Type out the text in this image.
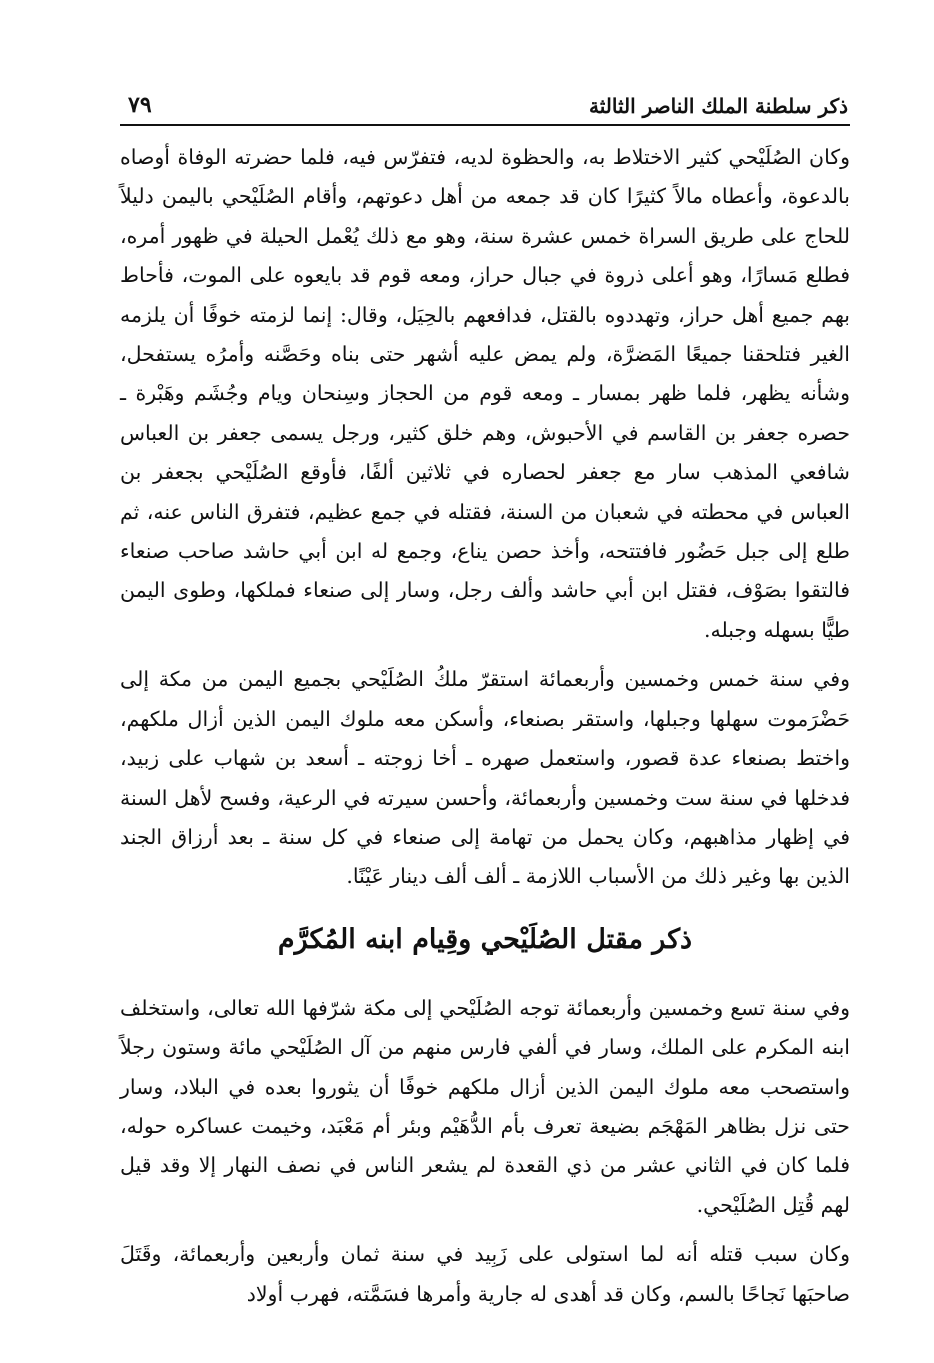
ذكر سلطنة الملك الناصر الثالثة
٧٩

وكان الصُلَيْحي كثير الاختلاط به، والحظوة لديه، فتفرّس فيه، فلما حضرته الوفاة أوصاه بالدعوة، وأعطاه مالاً كثيرًا كان قد جمعه من أهل دعوتهم، وأقام الصُلَيْحي باليمن دليلاً للحاج على طريق السراة خمس عشرة سنة، وهو مع ذلك يُعْمل الحيلة في ظهور أمره، فطلع مَسارًا، وهو أعلى ذروة في جبال حراز، ومعه قوم قد بايعوه على الموت، فأحاط بهم جميع أهل حراز، وتهددوه بالقتل، فدافعهم بالحِيَل، وقال: إنما لزمته خوفًا أن يلزمه الغير فتلحقنا جميعًا المَضرَّة، ولم يمض عليه أشهر حتى بناه وحَصَّنه وأمرُه يستفحل، وشأنه يظهر، فلما ظهر بمسار ـ ومعه قوم من الحجاز وسِنحان ويام وجُشَم وهَبْرة ـ حصره جعفر بن القاسم في الأحبوش، وهم خلق كثير، ورجل يسمى جعفر بن العباس شافعي المذهب سار مع جعفر لحصاره في ثلاثين ألفًا، فأوقع الصُلَيْحي بجعفر بن العباس في محطته في شعبان من السنة، فقتله في جمع عظيم، فتفرق الناس عنه، ثم طلع إلى جبل حَضُور فافتتحه، وأخذ حصن يناع، وجمع له ابن أبي حاشد صاحب صنعاء فالتقوا بصَوْف، فقتل ابن أبي حاشد وألف رجل، وسار إلى صنعاء فملكها، وطوى اليمن طيًّا بسهله وجبله.

وفي سنة خمس وخمسين وأربعمائة استقرّ ملكُ الصُلَيْحي بجميع اليمن من مكة إلى حَضْرَموت سهلها وجبلها، واستقر بصنعاء، وأسكن معه ملوك اليمن الذين أزال ملكهم، واختط بصنعاء عدة قصور، واستعمل صهره ـ أخا زوجته ـ أسعد بن شهاب على زبيد، فدخلها في سنة ست وخمسين وأربعمائة، وأحسن سيرته في الرعية، وفسح لأهل السنة في إظهار مذاهبهم، وكان يحمل من تهامة إلى صنعاء في كل سنة ـ بعد أرزاق الجند الذين بها وغير ذلك من الأسباب اللازمة ـ ألف ألف دينار عَيْنًا.

ذكر مقتل الصُلَيْحي وقِيام ابنه المُكرَّم

وفي سنة تسع وخمسين وأربعمائة توجه الصُلَيْحي إلى مكة شرّفها الله تعالى، واستخلف ابنه المكرم على الملك، وسار في ألفي فارس منهم من آل الصُلَيْحي مائة وستون رجلاً واستصحب معه ملوك اليمن الذين أزال ملكهم خوفًا أن يثوروا بعده في البلاد، وسار حتى نزل بظاهر المَهْجَم بضيعة تعرف بأم الدُّهَيْم وبئر أم مَعْبَد، وخيمت عساكره حوله، فلما كان في الثاني عشر من ذي القعدة لم يشعر الناس في نصف النهار إلا وقد قيل لهم قُتِل الصُلَيْحي.

وكان سبب قتله أنه لما استولى على زَبِيد في سنة ثمان وأربعين وأربعمائة، وقَتَلَ صاحبَها نَجاحًا بالسم، وكان قد أهدى له جارية وأمرها فسَمَّته، فهرب أولاد
